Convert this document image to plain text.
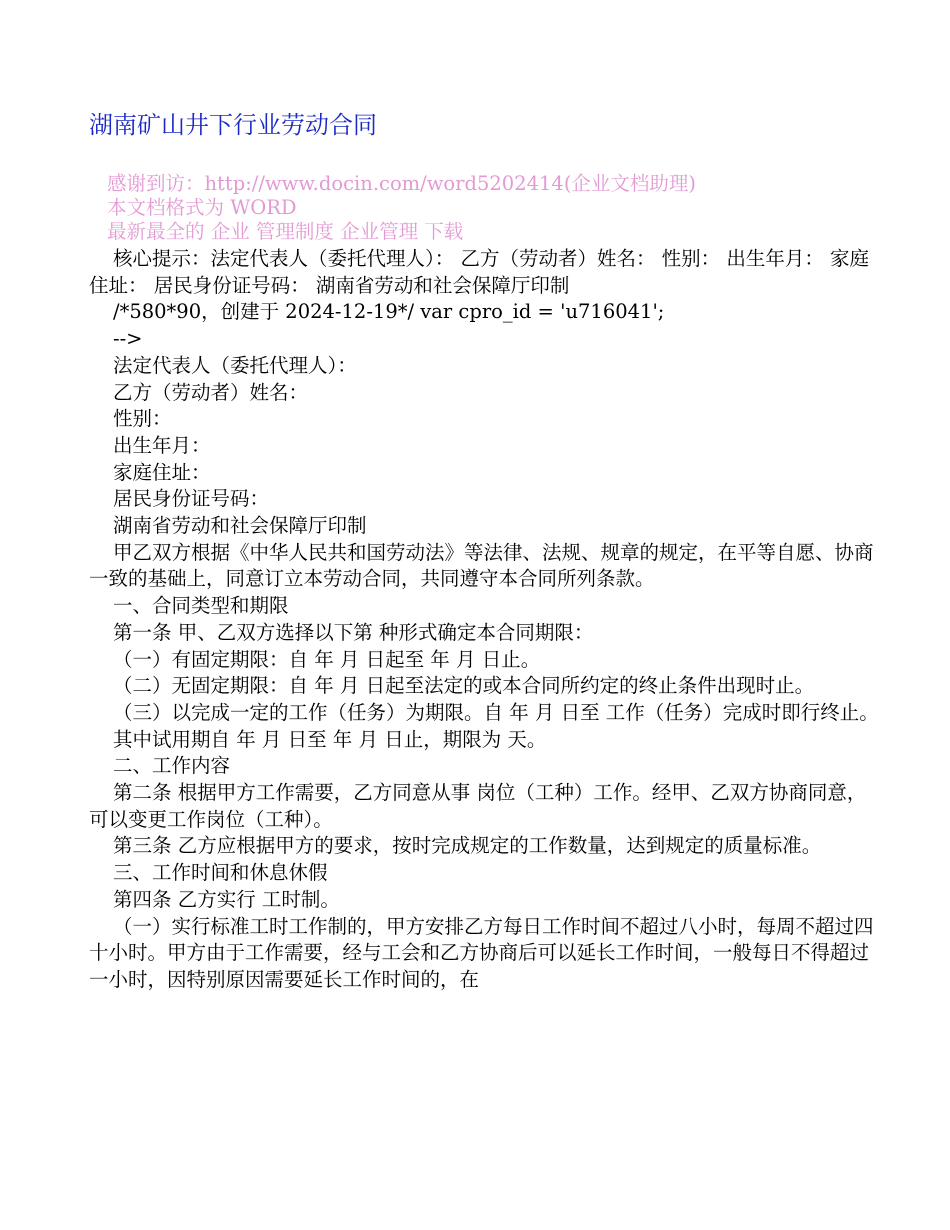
湖南矿山井下行业劳动合同
感谢到访：http://www.docin.com/word5202414(企业文档助理)
本文档格式为 WORD
最新最全的 企业 管理制度 企业管理 下载

核心提示：法定代表人（委托代理人）： 乙方（劳动者）姓名： 性别： 出生年月： 家庭住址： 居民身份证号码： 湖南省劳动和社会保障厅印制

/*580*90，创建于 2024-12-19*/ var cpro_id = 'u716041';

-->

法定代表人（委托代理人）：

乙方（劳动者）姓名：

性别：

出生年月：

家庭住址：

居民身份证号码：

湖南省劳动和社会保障厅印制

甲乙双方根据《中华人民共和国劳动法》等法律、法规、规章的规定，在平等自愿、协商一致的基础上，同意订立本劳动合同，共同遵守本合同所列条款。

一、合同类型和期限

第一条 甲、乙双方选择以下第 种形式确定本合同期限：

（一）有固定期限：自 年 月 日起至 年 月 日止。

（二）无固定期限：自 年 月 日起至法定的或本合同所约定的终止条件出现时止。

（三）以完成一定的工作（任务）为期限。自 年 月 日至 工作（任务）完成时即行终止。

其中试用期自 年 月 日至 年 月 日止，期限为 天。

二、工作内容

第二条 根据甲方工作需要，乙方同意从事 岗位（工种）工作。经甲、乙双方协商同意，可以变更工作岗位（工种）。

第三条 乙方应根据甲方的要求，按时完成规定的工作数量，达到规定的质量标准。

三、工作时间和休息休假

第四条 乙方实行 工时制。

（一）实行标准工时工作制的，甲方安排乙方每日工作时间不超过八小时，每周不超过四十小时。甲方由于工作需要，经与工会和乙方协商后可以延长工作时间，一般每日不得超过一小时，因特别原因需要延长工作时间的，在
